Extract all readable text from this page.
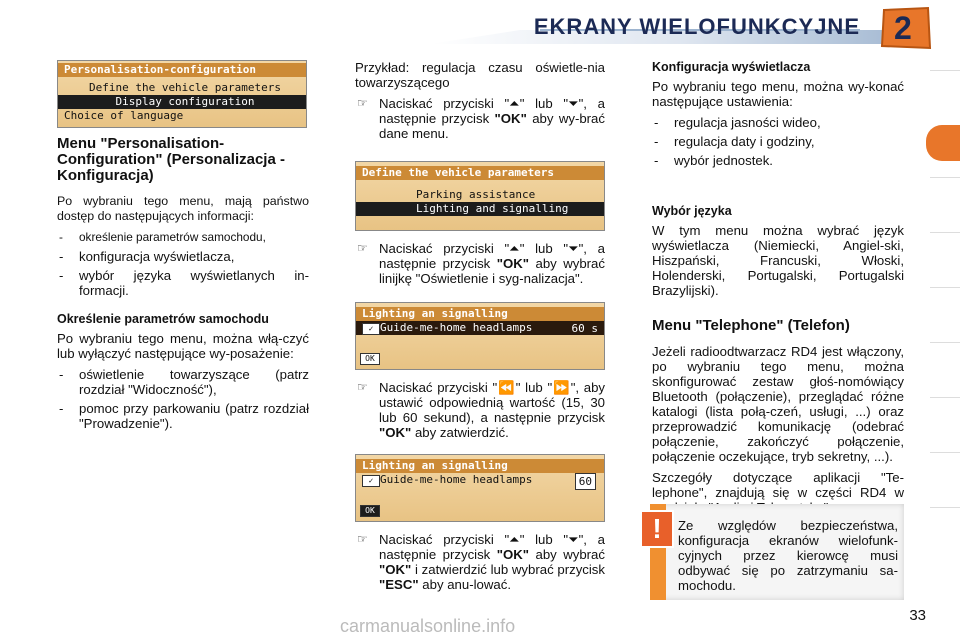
EKRANY WIELOFUNKCYJNE 2
Personalisation-configuration
Define the vehicle parameters
Display configuration
Choice of language
Menu "Personalisation-Configuration" (Personalizacja -Konfiguracja)

Po wybraniu tego menu, mają państwo dostęp do następujących informacji:

- określenie parametrów samochodu,
- konfiguracja wyświetlacza,
- wybór języka wyświetlanych in-formacji.
Określenie parametrów samochodu

Po wybraniu tego menu, można włą-czyć lub wyłączyć następujące wy-posażenie:

- oświetlenie towarzyszące (patrz rozdział "Widoczność"),
- pomoc przy parkowaniu (patrz rozdział "Prowadzenie").

Przykład: regulacja czasu oświetle-nia towarzyszącego

☞ Naciskać przyciski "⏶" lub "⏷", a następnie przycisk "OK" aby wy-brać dane menu.
Define the vehicle parameters
Parking assistance
Lighting and signalling
☞ Naciskać przyciski "⏶" lub "⏷", a następnie przycisk "OK" aby wybrać linijkę "Oświetlenie i syg-nalizacja".
Lighting an signalling
Guide-me-home headlamps
✓	60 s
OK
☞ Naciskać przyciski "⏪" lub "⏩", aby ustawić odpowiednią wartość (15, 30 lub 60 sekund), a następnie przycisk "OK" aby zatwierdzić.
Lighting an signalling
Guide-me-home headlamps
✓	60
OK
☞ Naciskać przyciski "⏶" lub "⏷", a następnie przycisk "OK" aby wybrać "OK" i zatwierdzić lub wybrać przycisk "ESC" aby anu-lować.
Konfiguracja wyświetlacza

Po wybraniu tego menu, można wy-konać następujące ustawienia:

- regulacja jasności wideo,
- regulacja daty i godziny,
- wybór jednostek.
Wybór języka

W tym menu można wybrać język wyświetlacza (Niemiecki, Angiel-ski, Hiszpański, Francuski, Włoski, Holenderski, Portugalski, Portugalski Brazylijski).

Menu "Telephone" (Telefon)

Jeżeli radioodtwarzacz RD4 jest włączony, po wybraniu tego menu, można skonfigurować zestaw głoś-nomówiący Bluetooth (połączenie), przeglądać różne katalogi (lista połą-czeń, usługi, ...) oraz przeprowadzić komunikację (odebrać połączenie, zakończyć połączenie, połączenie oczekujące, tryb sekretny, ...).

Szczegóły dotyczące aplikacji "Te-lephone", znajdują się w części RD4 w

!	Ze względów bezpieczeństwa, konfiguracja ekranów wielofunk-cyjnych przez kierowcę musi odbywać się po zatrzymaniu sa-mochodu.
33
carmanualsonline.info
